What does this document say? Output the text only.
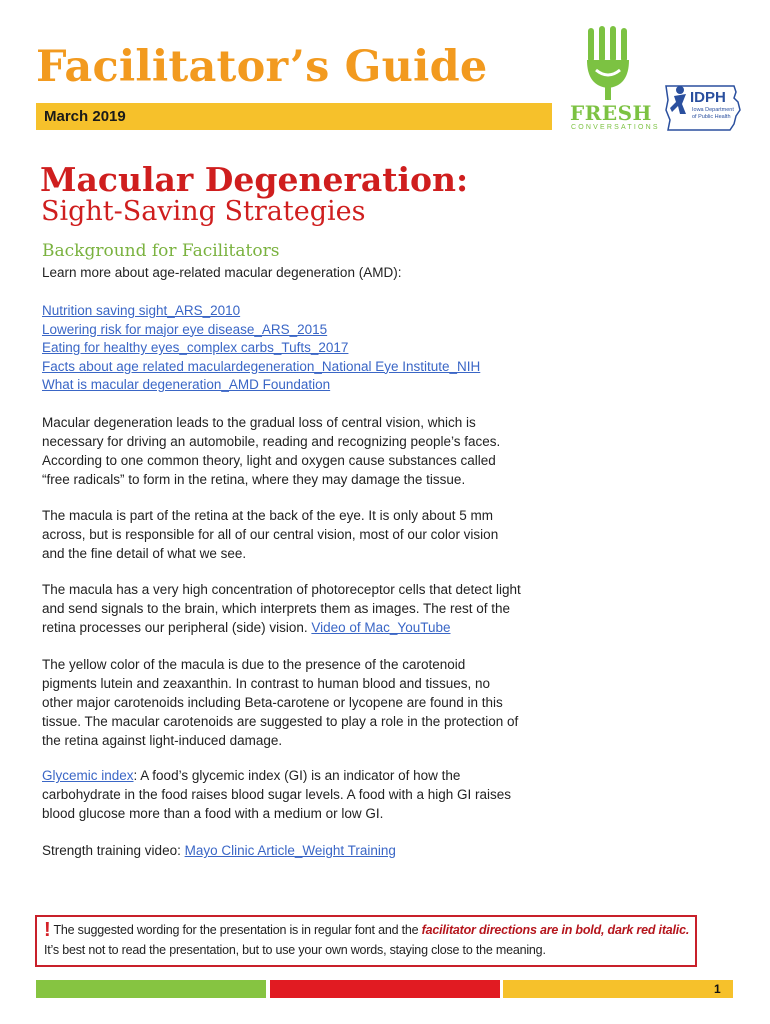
Facilitator’s Guide
March 2019	FRESH
CONVERSATIONS
IDPH
Iowa Department
of Public Health
Macular Degeneration:
Sight-Saving Strategies
Background for Facilitators
Learn more about age-related macular degeneration (AMD):
Nutrition saving sight_ARS_2010
Lowering risk for major eye disease_ARS_2015
Eating for healthy eyes_complex carbs_Tufts_2017
Facts about age related maculardegeneration_National Eye Institute_NIH
What is macular degeneration_AMD Foundation

Macular degeneration leads to the gradual loss of central vision, which is
necessary for driving an automobile, reading and recognizing people’s faces.
According to one common theory, light and oxygen cause substances called
“free radicals” to form in the retina, where they may damage the tissue.

The macula is part of the retina at the back of the eye. It is only about 5 mm
across, but is responsible for all of our central vision, most of our color vision
and the fine detail of what we see.

The macula has a very high concentration of photoreceptor cells that detect light
and send signals to the brain, which interprets them as images. The rest of the
retina processes our peripheral (side) vision. Video of Mac_YouTube

The yellow color of the macula is due to the presence of the carotenoid
pigments lutein and zeaxanthin. In contrast to human blood and tissues, no
other major carotenoids including Beta-carotene or lycopene are found in this
tissue. The macular carotenoids are suggested to play a role in the protection of
the retina against light-induced damage.

Glycemic index: A food’s glycemic index (GI) is an indicator of how the
carbohydrate in the food raises blood sugar levels. A food with a high GI raises
blood glucose more than a food with a medium or low GI.

Strength training video: Mayo Clinic Article_Weight Training

! The suggested wording for the presentation is in regular font and the facilitator directions are in bold, dark red italic. It’s best not to read the presentation, but to use your own words, staying close to the meaning.
1
